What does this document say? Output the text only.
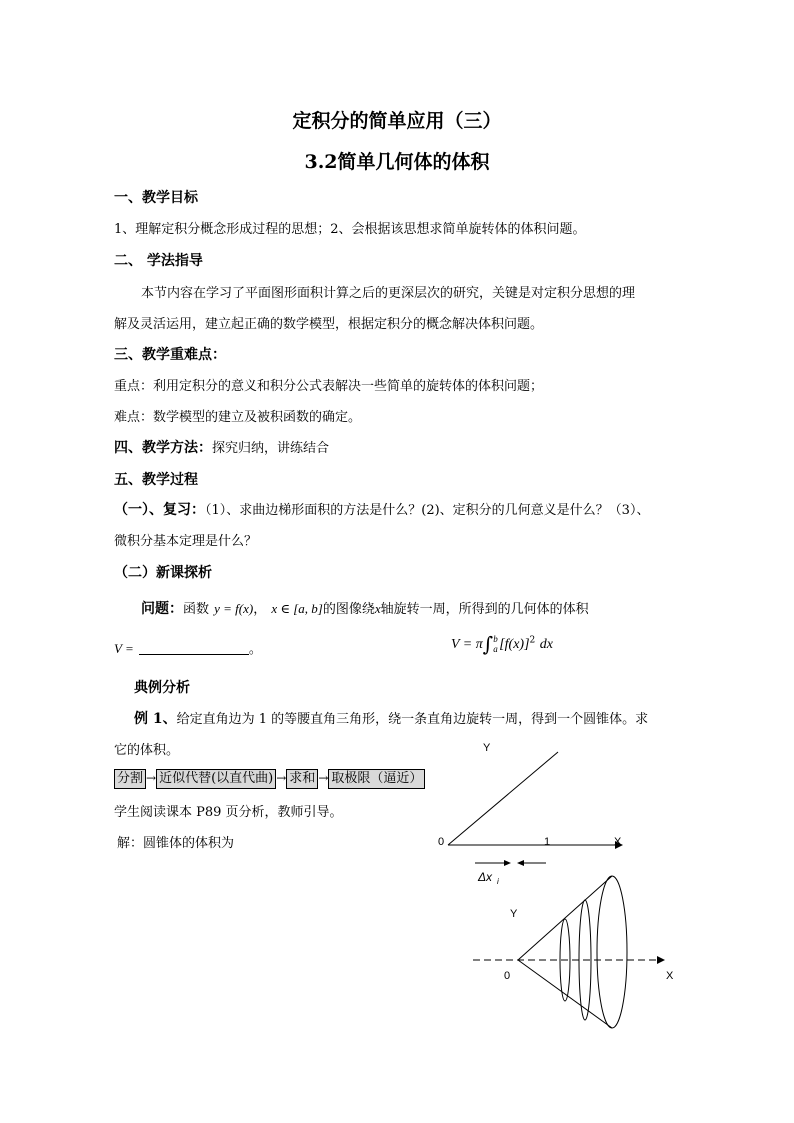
定积分的简单应用（三）
3.2简单几何体的体积
一、教学目标
1、理解定积分概念形成过程的思想；2、会根据该思想求简单旋转体的体积问题。
二、 学法指导
本节内容在学习了平面图形面积计算之后的更深层次的研究，关键是对定积分思想的理
解及灵活运用，建立起正确的数学模型，根据定积分的概念解决体积问题。
三、教学重难点：
重点：利用定积分的意义和积分公式表解决一些简单的旋转体的体积问题；
难点：数学模型的建立及被积函数的确定。
四、教学方法：探究归纳，讲练结合
五、教学过程
（一）、复习：（1）、求曲边梯形面积的方法是什么？(2)、定积分的几何意义是什么？（3）、
微积分基本定理是什么？
（二）新课探析
问题：函数 y = f(x)， x ∈ [a, b]的图像绕x轴旋转一周，所得到的几何体的体积
V =	。	V = π∫ b
a $[f(x)]^2$ dx
典例分析
例 1、给定直角边为 1 的等腰直角三角形，绕一条直角边旋转一周，得到一个圆锥体。求
它的体积。
分割 → 近似代替(以直代曲) → 求和 → 取极限（逼近）
学生阅读课本 P89 页分析，教师引导。
解：圆锥体的体积为
Y
0	1	X
Δx i
Y
0	X
